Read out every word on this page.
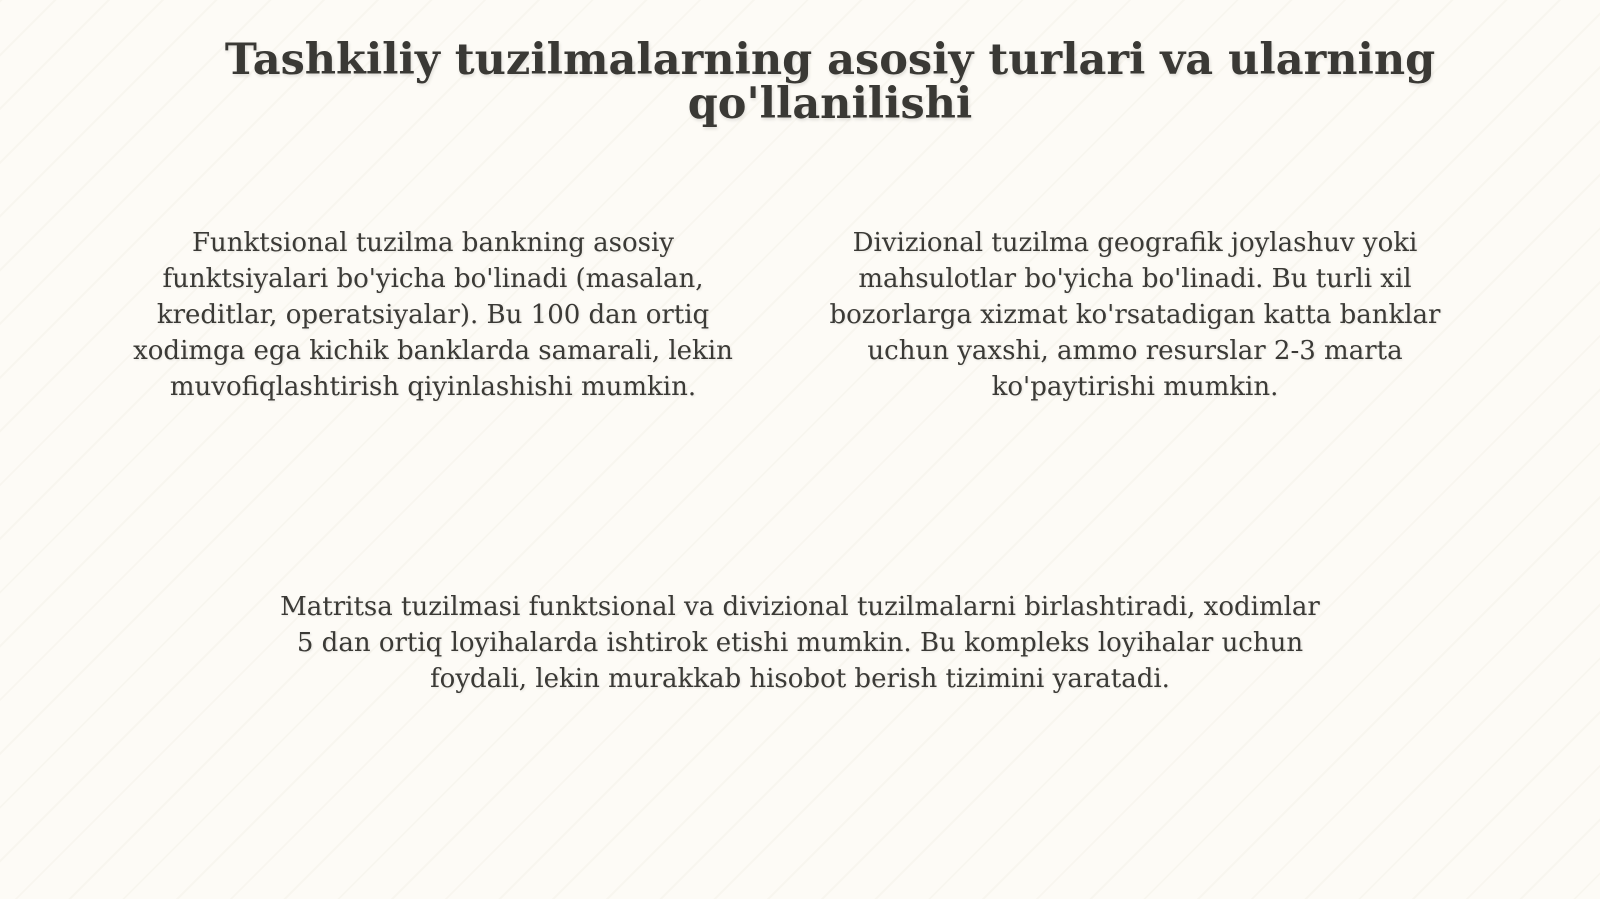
Tashkiliy tuzilmalarning asosiy turlari va ularning qo'llanilishi

Funktsional tuzilma bankning asosiy funktsiyalari bo'yicha bo'linadi (masalan, kreditlar, operatsiyalar). Bu 100 dan ortiq xodimga ega kichik banklarda samarali, lekin muvofiqlashtirish qiyinlashishi mumkin.

Divizional tuzilma geografik joylashuv yoki mahsulotlar bo'yicha bo'linadi. Bu turli xil bozorlarga xizmat ko'rsatadigan katta banklar uchun yaxshi, ammo resurslar 2-3 marta ko'paytirishi mumkin.

Matritsa tuzilmasi funktsional va divizional tuzilmalarni birlashtiradi, xodimlar 5 dan ortiq loyihalarda ishtirok etishi mumkin. Bu kompleks loyihalar uchun foydali, lekin murakkab hisobot berish tizimini yaratadi.
